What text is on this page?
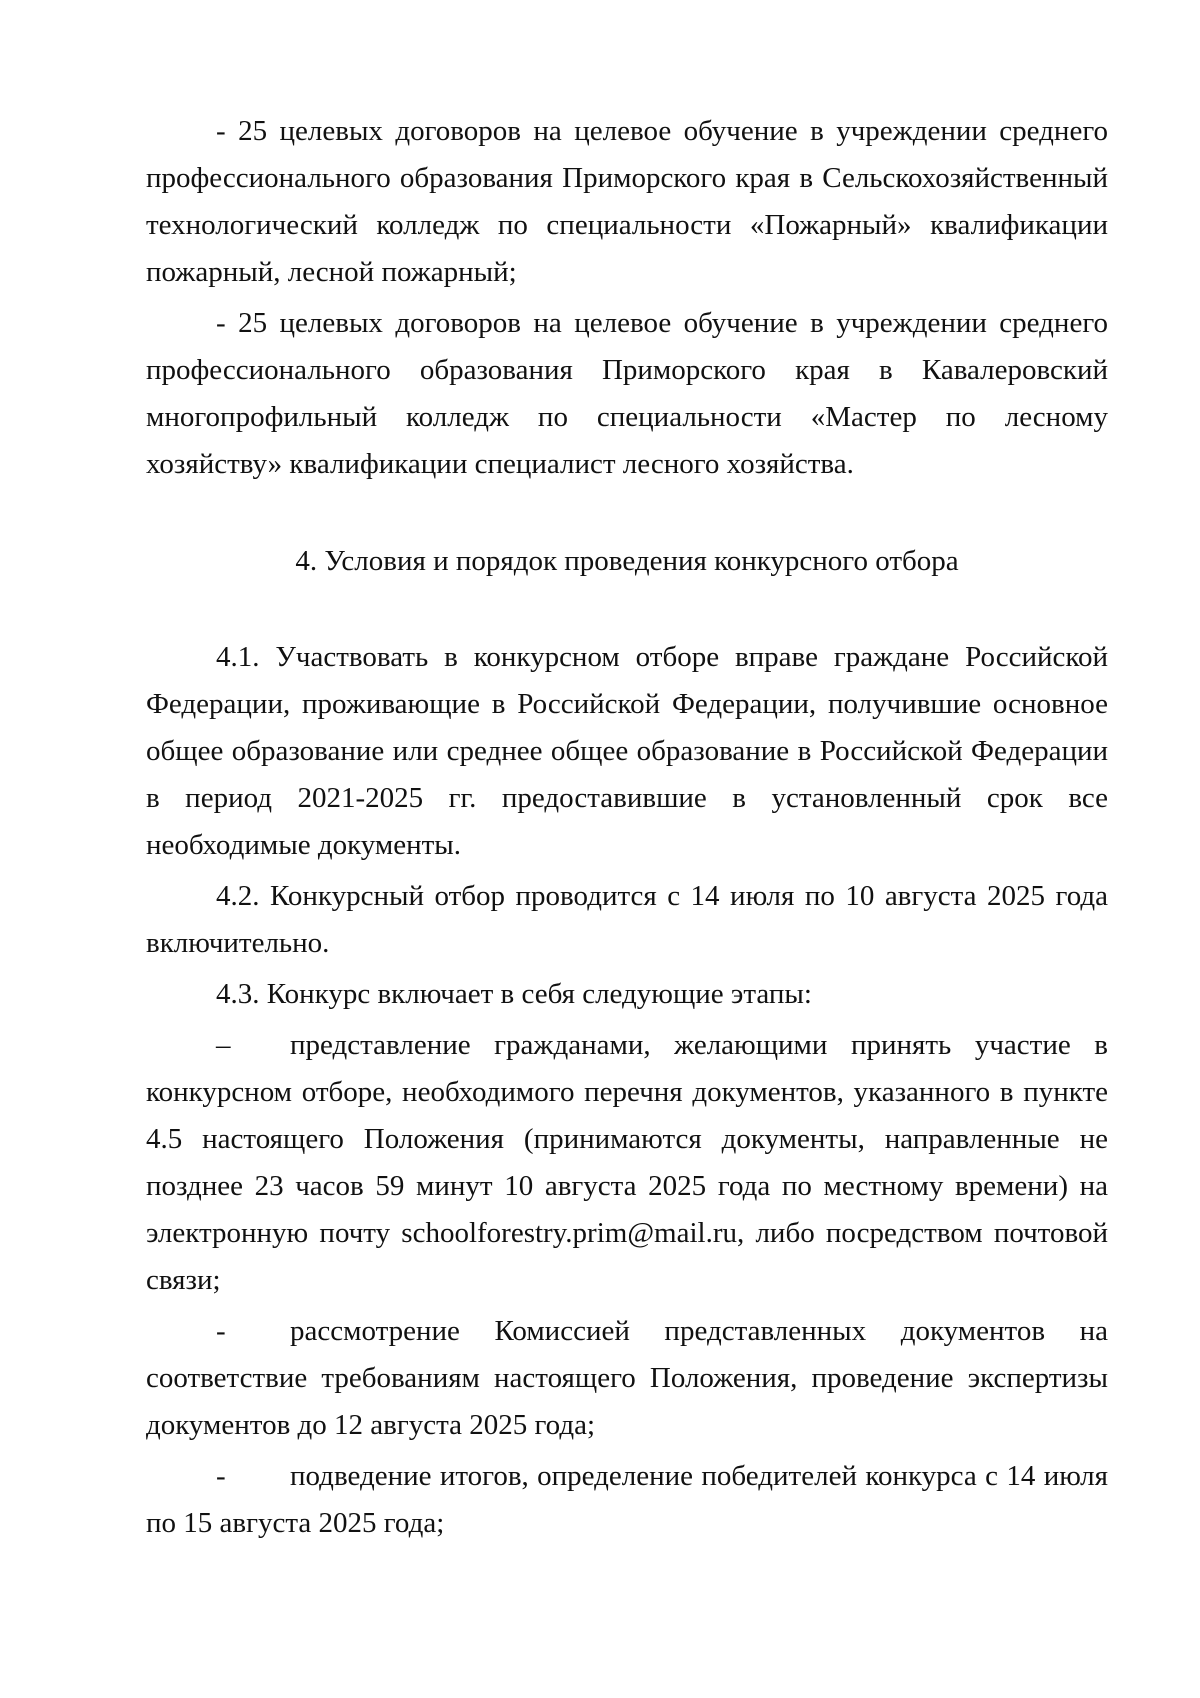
- 25 целевых договоров на целевое обучение в учреждении среднего профессионального образования Приморского края в Сельскохозяйственный технологический колледж по специальности «Пожарный» квалификации пожарный, лесной пожарный;

- 25 целевых договоров на целевое обучение в учреждении среднего профессионального образования Приморского края в Кавалеровский многопрофильный колледж по специальности «Мастер по лесному хозяйству» квалификации специалист лесного хозяйства.

4. Условия и порядок проведения конкурсного отбора

4.1. Участвовать в конкурсном отборе вправе граждане Российской Федерации, проживающие в Российской Федерации, получившие основное общее образование или среднее общее образование в Российской Федерации в период 2021-2025 гг. предоставившие в установленный срок все необходимые документы.

4.2. Конкурсный отбор проводится с 14 июля по 10 августа 2025 года включительно.

4.3. Конкурс включает в себя следующие этапы:

– представление гражданами, желающими принять участие в конкурсном отборе, необходимого перечня документов, указанного в пункте 4.5 настоящего Положения (принимаются документы, направленные не позднее 23 часов 59 минут 10 августа 2025 года по местному времени) на электронную почту schoolforestry.prim@mail.ru, либо посредством почтовой связи;

- рассмотрение Комиссией представленных документов на соответствие требованиям настоящего Положения, проведение экспертизы документов до 12 августа 2025 года;

- подведение итогов, определение победителей конкурса с 14 июля по 15 августа 2025 года;
